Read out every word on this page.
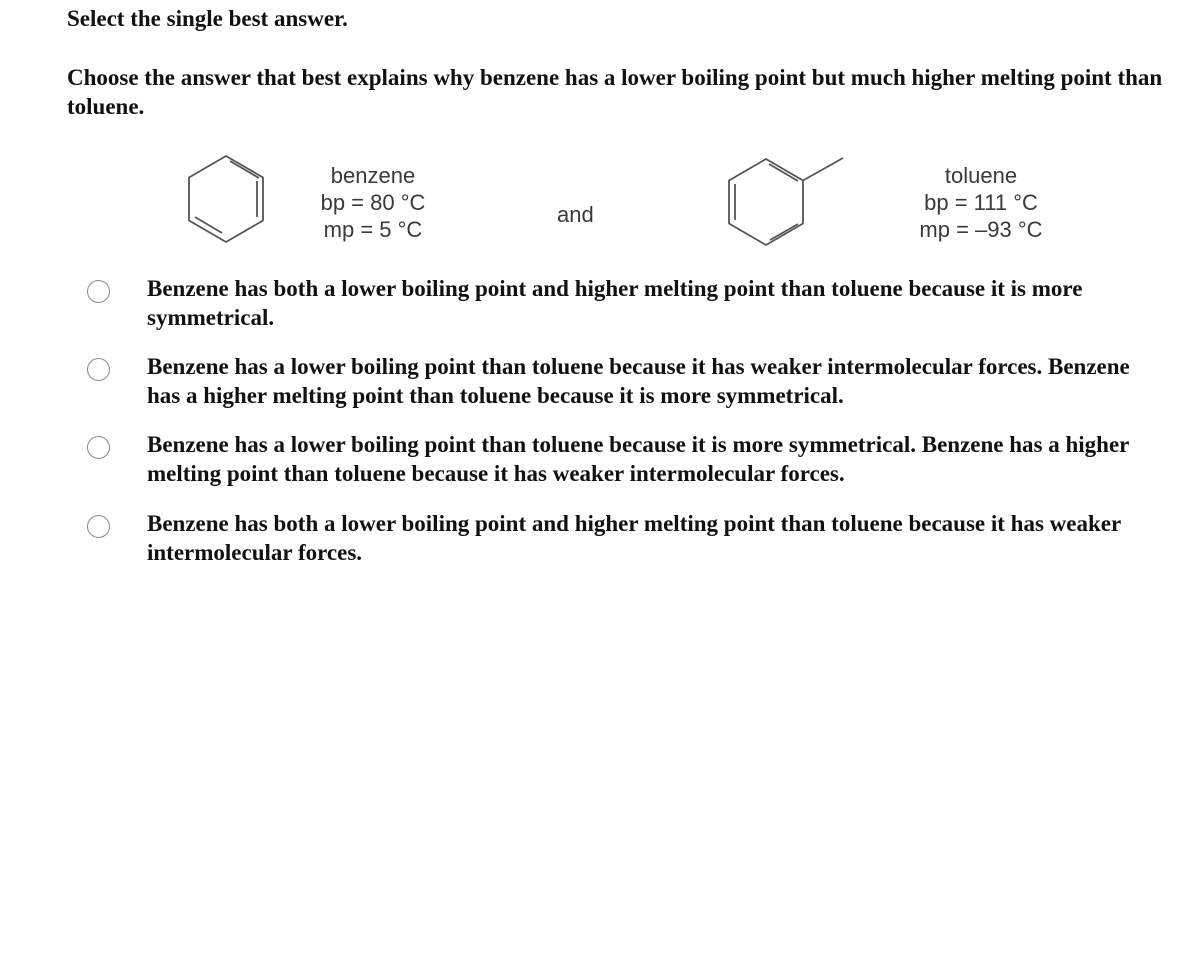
Select the single best answer.
Choose the answer that best explains why benzene has a lower boiling point but much higher melting point than toluene.
benzene
bp = 80 °C
mp = 5 °C
and
toluene
bp = 111 °C
mp = –93 °C
Benzene has both a lower boiling point and higher melting point than toluene because it is more symmetrical.
Benzene has a lower boiling point than toluene because it has weaker intermolecular forces. Benzene has a higher melting point than toluene because it is more symmetrical.
Benzene has a lower boiling point than toluene because it is more symmetrical. Benzene has a higher melting point than toluene because it has weaker intermolecular forces.
Benzene has both a lower boiling point and higher melting point than toluene because it has weaker intermolecular forces.
